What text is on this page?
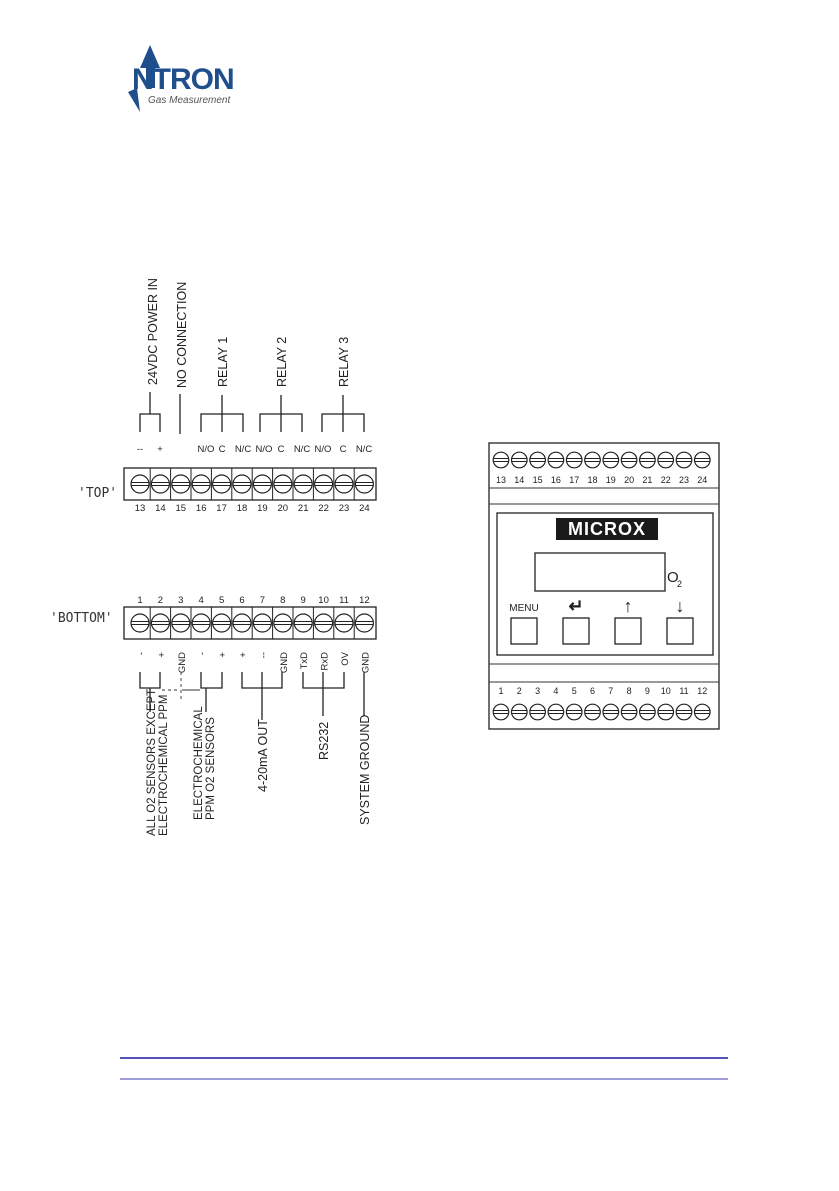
NTRON
Gas Measurement
13 14 15 16 17 18 19 20 21 22 23 24
'TOP'
-- +	N/O C N/C N/O C N/C N/O C N/C
24VDC POWER IN NO CONNECTION RELAY 1	RELAY 2	RELAY 3
1 2 3 4 5 6 7 8 9 10 11 12
'BOTTOM'
- + GND - + + -- GND TxD RxD OV GND
ALL O2 SENSORS EXCEPT ELECTROCHEMICAL PPM ELECTROCHEMICAL PPM O2 SENSORS	4-20mA OUT	RS232 SYSTEM GROUND
MICROX
O
2
MENU ↵ ↑ ↓
13 14 15 16 17 18 19 20 21 22 23 24
1 2 3 4 5 6 7 8 9 10 11 12
